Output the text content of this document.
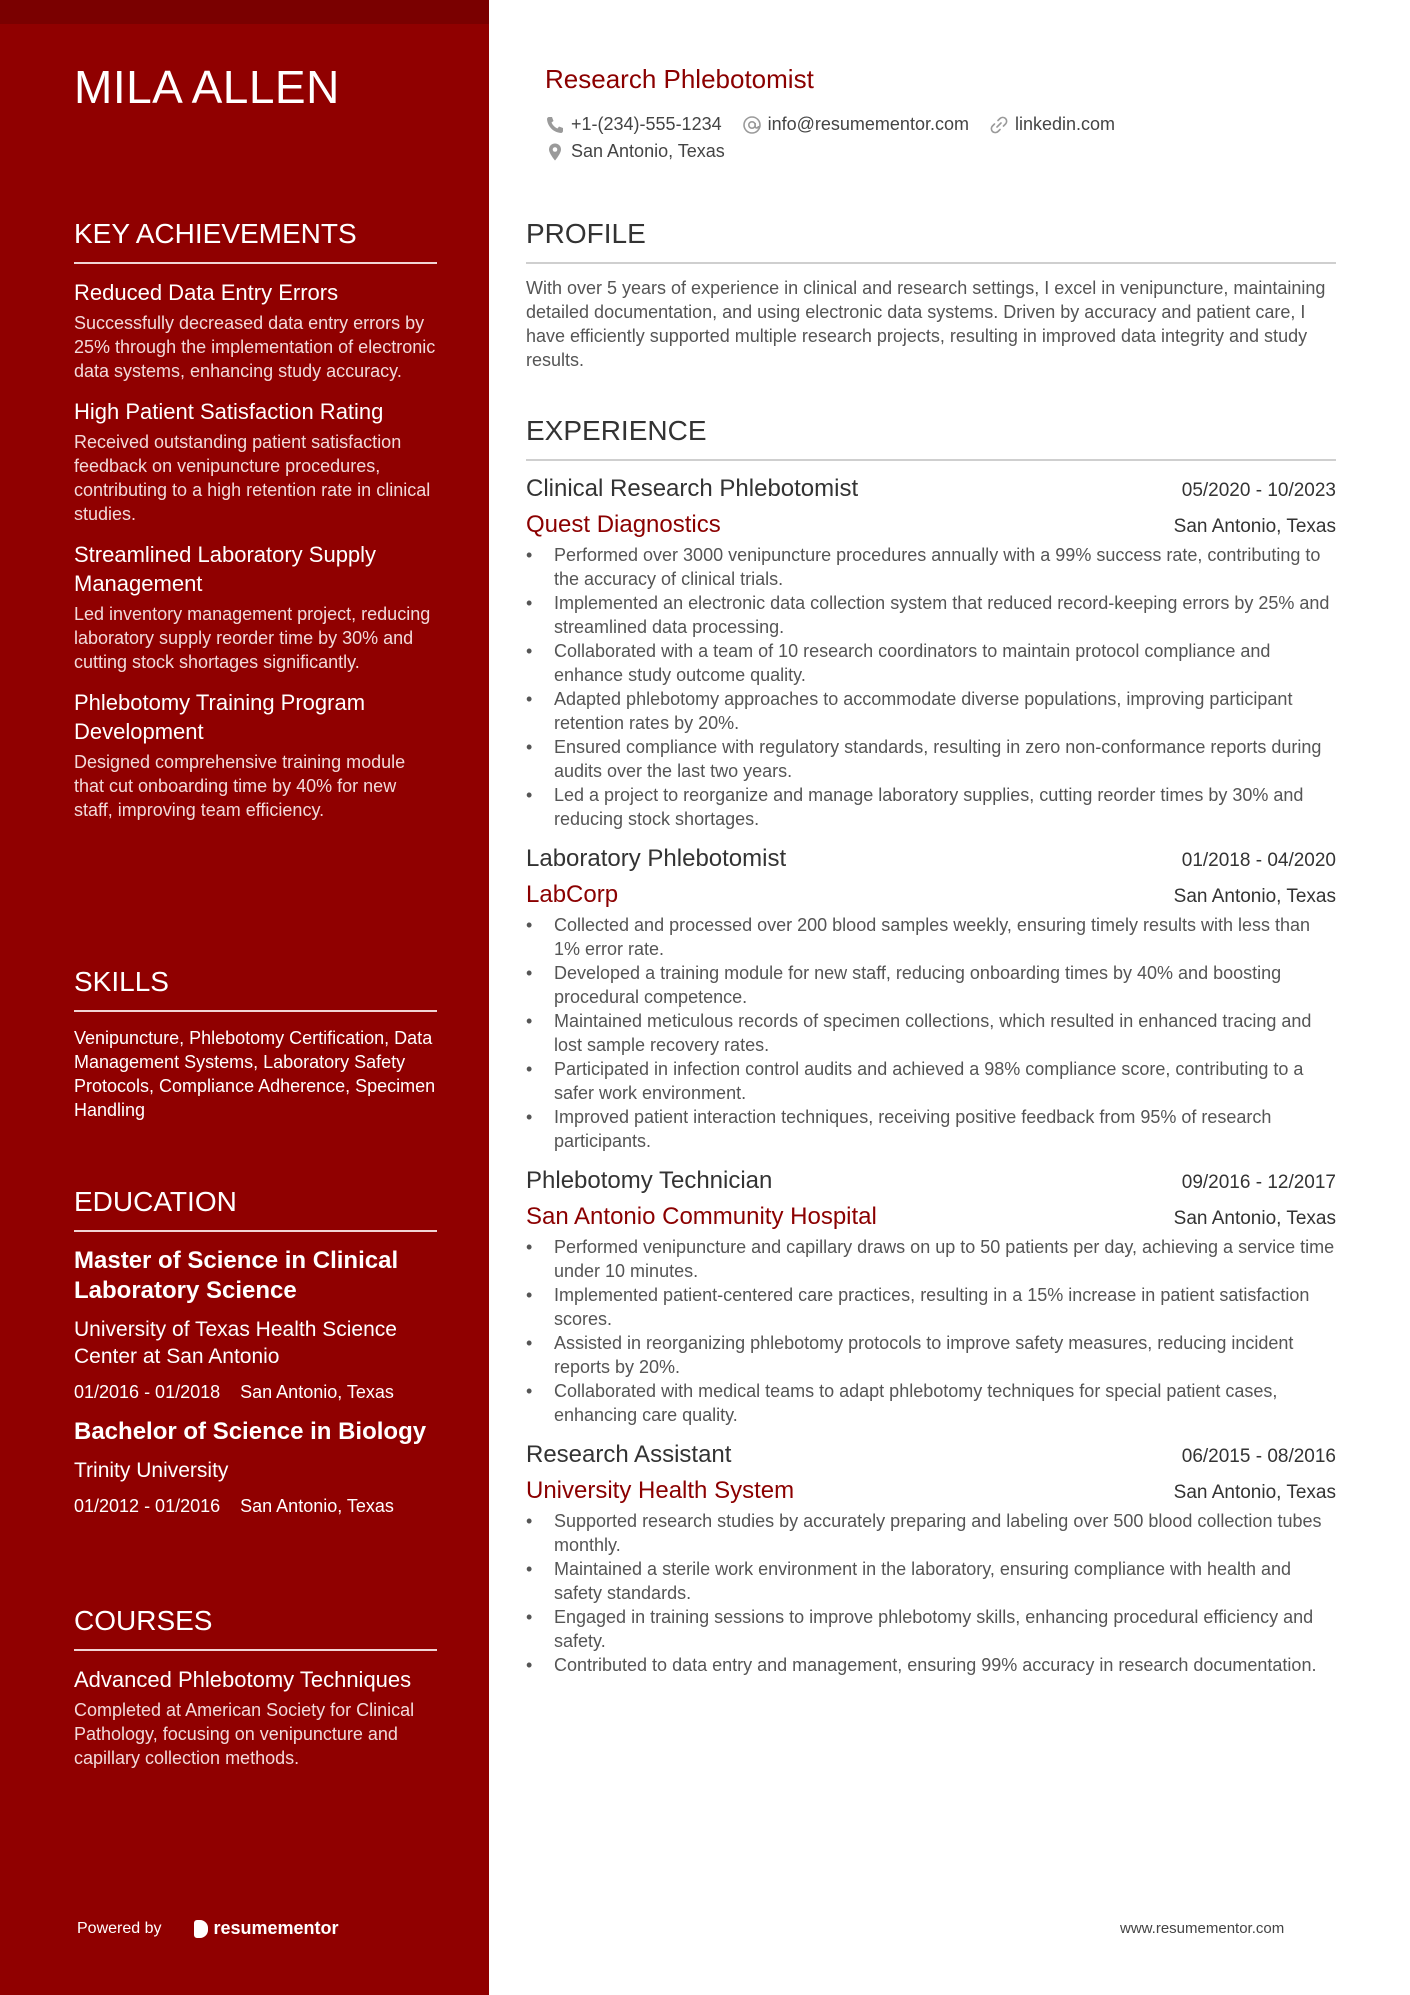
MILA ALLEN
KEY ACHIEVEMENTS
Reduced Data Entry Errors
Successfully decreased data entry errors by 25% through the implementation of electronic data systems, enhancing study accuracy.
High Patient Satisfaction Rating
Received outstanding patient satisfaction feedback on venipuncture procedures, contributing to a high retention rate in clinical studies.
Streamlined Laboratory Supply Management
Led inventory management project, reducing laboratory supply reorder time by 30% and cutting stock shortages significantly.
Phlebotomy Training Program Development
Designed comprehensive training module that cut onboarding time by 40% for new staff, improving team efficiency.
SKILLS
Venipuncture, Phlebotomy Certification, Data Management Systems, Laboratory Safety Protocols, Compliance Adherence, Specimen Handling
EDUCATION
Master of Science in Clinical Laboratory Science
University of Texas Health Science Center at San Antonio
01/2016 - 01/2018 San Antonio, Texas
Bachelor of Science in Biology
Trinity University
01/2012 - 01/2016 San Antonio, Texas
COURSES
Advanced Phlebotomy Techniques
Completed at American Society for Clinical Pathology, focusing on venipuncture and capillary collection methods.
Powered by	resumementor
Research Phlebotomist
+1-(234)-555-1234	info@resumementor.com	linkedin.com
San Antonio, Texas
PROFILE
With over 5 years of experience in clinical and research settings, I excel in venipuncture, maintaining detailed documentation, and using electronic data systems. Driven by accuracy and patient care, I have efficiently supported multiple research projects, resulting in improved data integrity and study results.
EXPERIENCE
Clinical Research Phlebotomist	05/2020 - 10/2023
Quest Diagnostics	San Antonio, Texas
• Performed over 3000 venipuncture procedures annually with a 99% success rate, contributing to the accuracy of clinical trials.
• Implemented an electronic data collection system that reduced record-keeping errors by 25% and streamlined data processing.
• Collaborated with a team of 10 research coordinators to maintain protocol compliance and enhance study outcome quality.
• Adapted phlebotomy approaches to accommodate diverse populations, improving participant retention rates by 20%.
• Ensured compliance with regulatory standards, resulting in zero non-conformance reports during audits over the last two years.
• Led a project to reorganize and manage laboratory supplies, cutting reorder times by 30% and reducing stock shortages.
Laboratory Phlebotomist	01/2018 - 04/2020
LabCorp	San Antonio, Texas
• Collected and processed over 200 blood samples weekly, ensuring timely results with less than 1% error rate.
• Developed a training module for new staff, reducing onboarding times by 40% and boosting procedural competence.
• Maintained meticulous records of specimen collections, which resulted in enhanced tracing and lost sample recovery rates.
• Participated in infection control audits and achieved a 98% compliance score, contributing to a safer work environment.
• Improved patient interaction techniques, receiving positive feedback from 95% of research participants.
Phlebotomy Technician	09/2016 - 12/2017
San Antonio Community Hospital	San Antonio, Texas
• Performed venipuncture and capillary draws on up to 50 patients per day, achieving a service time under 10 minutes.
• Implemented patient-centered care practices, resulting in a 15% increase in patient satisfaction scores.
• Assisted in reorganizing phlebotomy protocols to improve safety measures, reducing incident reports by 20%.
• Collaborated with medical teams to adapt phlebotomy techniques for special patient cases, enhancing care quality.
Research Assistant	06/2015 - 08/2016
University Health System	San Antonio, Texas
• Supported research studies by accurately preparing and labeling over 500 blood collection tubes monthly.
• Maintained a sterile work environment in the laboratory, ensuring compliance with health and safety standards.
• Engaged in training sessions to improve phlebotomy skills, enhancing procedural efficiency and safety.
• Contributed to data entry and management, ensuring 99% accuracy in research documentation.
www.resumementor.com
